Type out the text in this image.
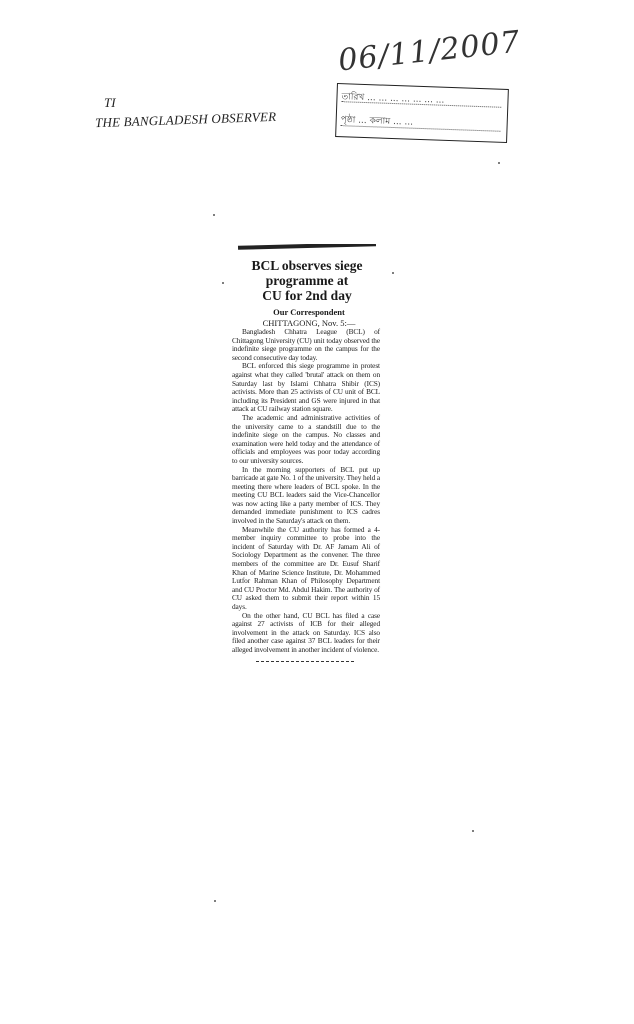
06/11/2007
TI
THE BANGLADESH OBSERVER
তারিখ ... ... ... ... ... ... ...
পৃষ্ঠা ... কলাম ... ...
BCL observes siege
programme at
CU for 2nd day
Our Correspondent
CHITTAGONG, Nov. 5:—

Bangladesh Chhatra League (BCL) of Chittagong University (CU) unit today observed the indefinite siege programme on the campus for the second consecutive day today.

BCL enforced this siege programme in protest against what they called 'brutal' attack on them on Saturday last by Islami Chhatra Shibir (ICS) activists. More than 25 activists of CU unit of BCL including its President and GS were injured in that attack at CU railway station square.

The academic and administrative activities of the university came to a standstill due to the indefinite siege on the campus. No classes and examination were held today and the attendance of officials and employees was poor today according to our university sources.

In the morning supporters of BCL put up barricade at gate No. 1 of the university. They held a meeting there where leaders of BCL spoke. In the meeting CU BCL leaders said the Vice-Chancellor was now acting like a party member of ICS. They demanded immediate punishment to ICS cadres involved in the Saturday's attack on them.

Meanwhile the CU authority has formed a 4-member inquiry committee to probe into the incident of Saturday with Dr. AF Jamam Ali of Sociology Department as the convener. The three members of the committee are Dr. Eusuf Sharif Khan of Marine Science Institute, Dr. Mohammed Lutfor Rahman Khan of Philosophy Department and CU Proctor Md. Abdul Hakim. The authority of CU asked them to submit their report within 15 days.

On the other hand, CU BCL has filed a case against 27 activists of ICB for their alleged involvement in the attack on Saturday. ICS also filed another case against 37 BCL leaders for their alleged involvement in another incident of violence.
